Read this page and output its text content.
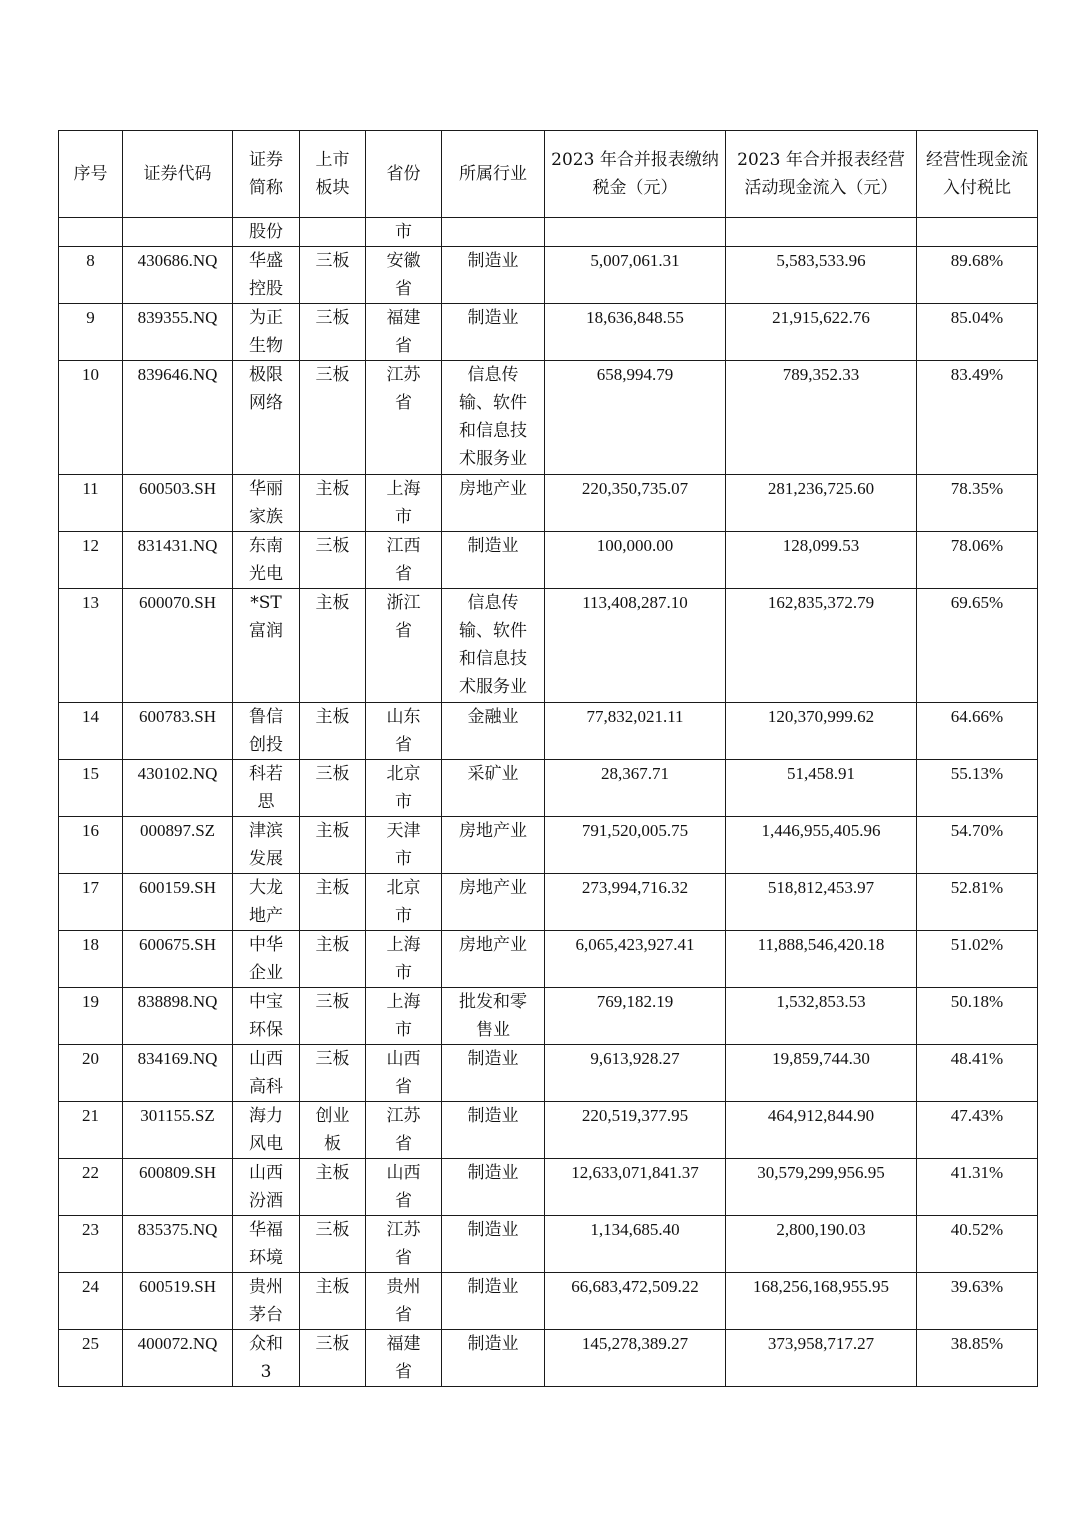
序号	证券代码	证券简称	上市板块	省份	所属行业	2023 年合并报表缴纳税金（元）	2023 年合并报表经营活动现金流入（元）	经营性现金流入付税比
		股份		市				
8	430686.NQ	华盛控股	三板	安徽省	制造业	5,007,061.31	5,583,533.96	89.68%
9	839355.NQ	为正生物	三板	福建省	制造业	18,636,848.55	21,915,622.76	85.04%
10	839646.NQ	极限网络	三板	江苏省	信息传输、软件和信息技术服务业	658,994.79	789,352.33	83.49%
11	600503.SH	华丽家族	主板	上海市	房地产业	220,350,735.07	281,236,725.60	78.35%
12	831431.NQ	东南光电	三板	江西省	制造业	100,000.00	128,099.53	78.06%
13	600070.SH	*ST富润	主板	浙江省	信息传输、软件和信息技术服务业	113,408,287.10	162,835,372.79	69.65%
14	600783.SH	鲁信创投	主板	山东省	金融业	77,832,021.11	120,370,999.62	64.66%
15	430102.NQ	科若思	三板	北京市	采矿业	28,367.71	51,458.91	55.13%
16	000897.SZ	津滨发展	主板	天津市	房地产业	791,520,005.75	1,446,955,405.96	54.70%
17	600159.SH	大龙地产	主板	北京市	房地产业	273,994,716.32	518,812,453.97	52.81%
18	600675.SH	中华企业	主板	上海市	房地产业	6,065,423,927.41	11,888,546,420.18	51.02%
19	838898.NQ	中宝环保	三板	上海市	批发和零售业	769,182.19	1,532,853.53	50.18%
20	834169.NQ	山西高科	三板	山西省	制造业	9,613,928.27	19,859,744.30	48.41%
21	301155.SZ	海力风电	创业板	江苏省	制造业	220,519,377.95	464,912,844.90	47.43%
22	600809.SH	山西汾酒	主板	山西省	制造业	12,633,071,841.37	30,579,299,956.95	41.31%
23	835375.NQ	华福环境	三板	江苏省	制造业	1,134,685.40	2,800,190.03	40.52%
24	600519.SH	贵州茅台	主板	贵州省	制造业	66,683,472,509.22	168,256,168,955.95	39.63%
25	400072.NQ	众和3	三板	福建省	制造业	145,278,389.27	373,958,717.27	38.85%
